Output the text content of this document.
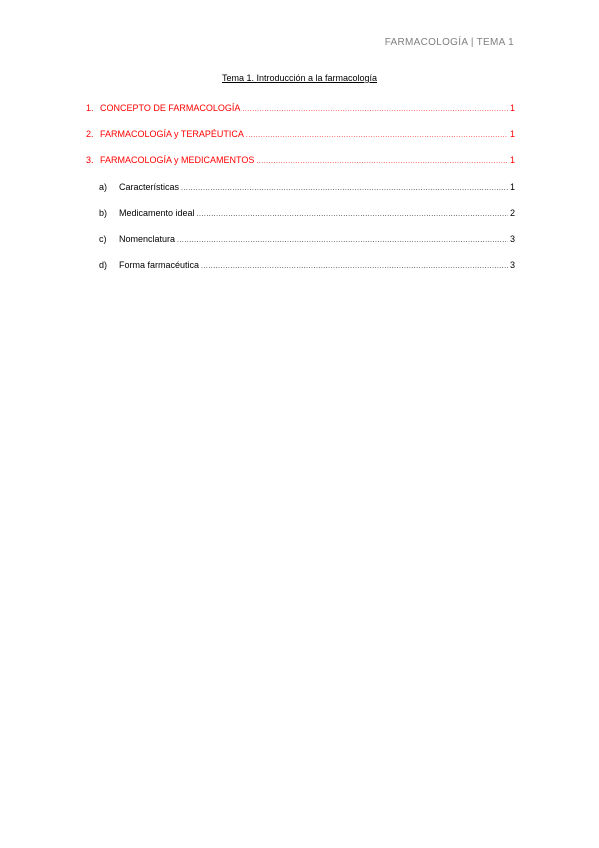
FARMACOLOGÍA | TEMA 1
Tema 1. Introducción a la farmacología
1. CONCEPTO DE FARMACOLOGÍA .....	1
2. FARMACOLOGÍA y TERAPÉUTICA .....	1
3. FARMACOLOGÍA y MEDICAMENTOS .....	1
a)	Características .....	1
b)	Medicamento ideal .....	2
c)	Nomenclatura .....	3
d)	Forma farmacéutica .....	3
